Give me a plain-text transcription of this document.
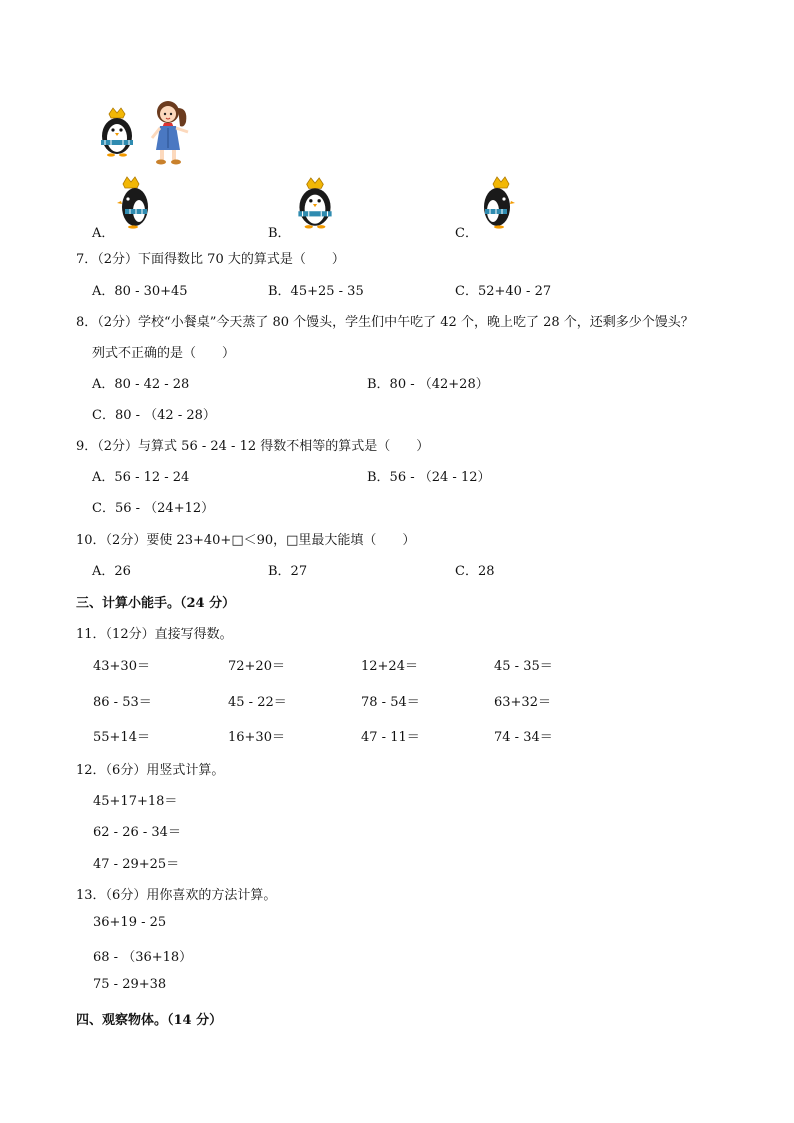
A．	B．	C．
7．（2分）下面得数比 70 大的算式是（　　）
A．80 - 30+45	B．45+25 - 35	C．52+40 - 27
8．（2分）学校“小餐桌”今天蒸了 80 个馒头，学生们中午吃了 42 个，晚上吃了 28 个，还剩多少个馒头？
列式不正确的是（　　）
A．80 - 42 - 28	B．80 - （42+28）
C．80 - （42 - 28）
9．（2分）与算式 56 - 24 - 12 得数不相等的算式是（　　）
A．56 - 12 - 24	B．56 - （24 - 12）
C．56 - （24+12）
10．（2分）要使 23+40+□＜90，□里最大能填（　　）
A．26	B．27	C．28
三、计算小能手。（24 分）
11．（12分）直接写得数。
43+30＝	72+20＝	12+24＝	45 - 35＝
86 - 53＝	45 - 22＝	78 - 54＝	63+32＝
55+14＝	16+30＝	47 - 11＝	74 - 34＝
12．（6分）用竖式计算。
45+17+18＝
62 - 26 - 34＝
47 - 29+25＝
13．（6分）用你喜欢的方法计算。
36+19 - 25
68 - （36+18）
75 - 29+38
四、观察物体。（14 分）
